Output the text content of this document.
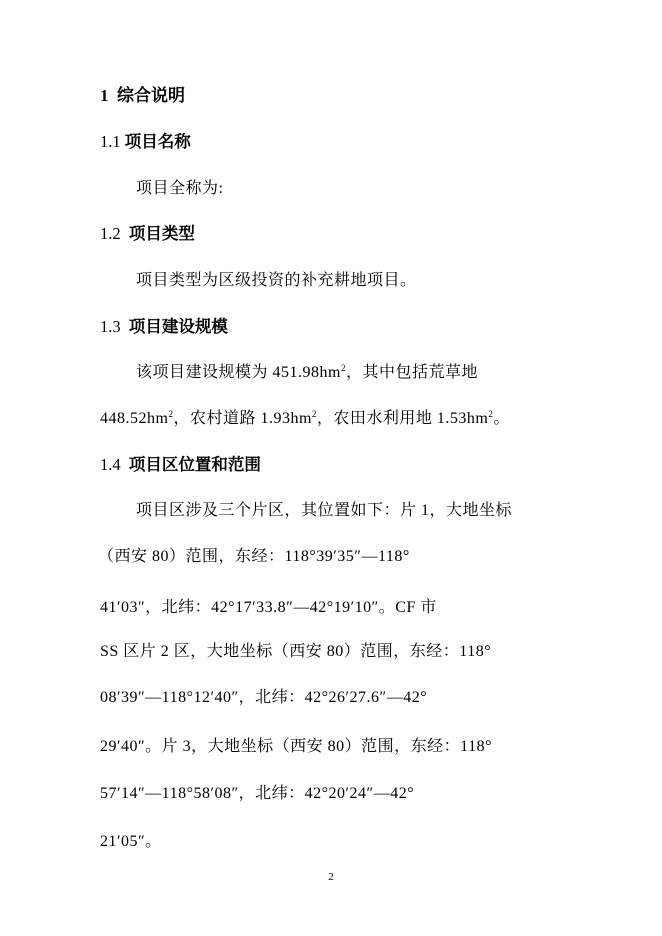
1 综合说明
1.1 项目名称
项目全称为:
1.2 项目类型
项目类型为区级投资的补充耕地项目。
1.3 项目建设规模
该项目建设规模为 $451.98hm^2$，其中包括荒草地
$448.52hm^2$，农村道路 $1.93hm^2$，农田水利用地 $1.53hm^2$。
1.4 项目区位置和范围
项目区涉及三个片区，其位置如下：片 1，大地坐标
（西安 80）范围，东经：118°39′35″—118°
41′03″，北纬：42°17′33.8″—42°19′10″。CF 市
SS 区片 2 区，大地坐标（西安 80）范围，东经：118°
08′39″—118°12′40″，北纬：42°26′27.6″—42°
29′40″。片 3，大地坐标（西安 80）范围，东经：118°
57′14″—118°58′08″，北纬：42°20′24″—42°
21′05″。
2
